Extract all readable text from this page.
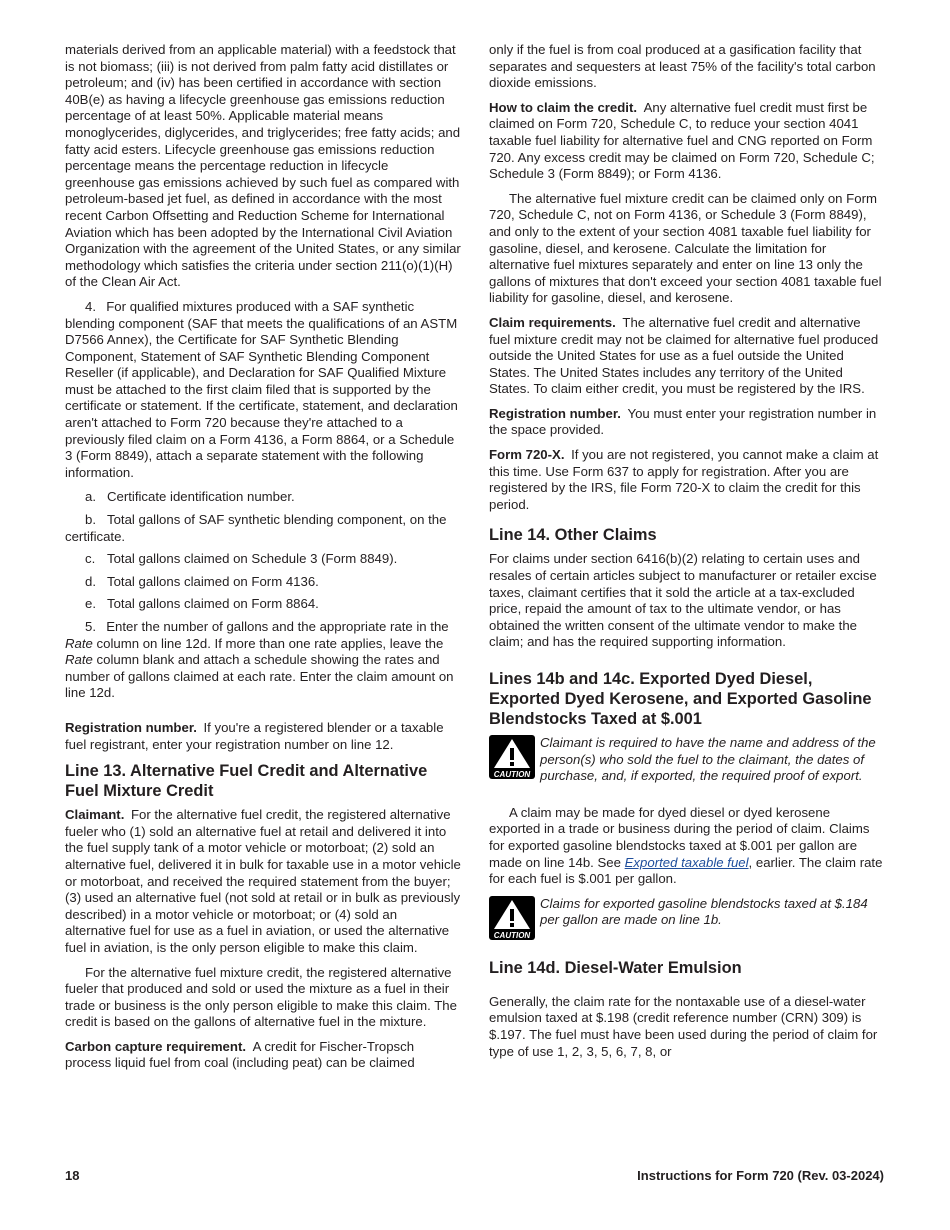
materials derived from an applicable material) with a feedstock that is not biomass; (iii) is not derived from palm fatty acid distillates or petroleum; and (iv) has been certified in accordance with section 40B(e) as having a lifecycle greenhouse gas emissions reduction percentage of at least 50%. Applicable material means monoglycerides, diglycerides, and triglycerides; free fatty acids; and fatty acid esters. Lifecycle greenhouse gas emissions reduction percentage means the percentage reduction in lifecycle greenhouse gas emissions achieved by such fuel as compared with petroleum-based jet fuel, as defined in accordance with the most recent Carbon Offsetting and Reduction Scheme for International Aviation which has been adopted by the International Civil Aviation Organization with the agreement of the United States, or any similar methodology which satisfies the criteria under section 211(o)(1)(H) of the Clean Air Act.

4.  For qualified mixtures produced with a SAF synthetic blending component (SAF that meets the qualifications of an ASTM D7566 Annex), the Certificate for SAF Synthetic Blending Component, Statement of SAF Synthetic Blending Component Reseller (if applicable), and Declaration for SAF Qualified Mixture must be attached to the first claim filed that is supported by the certificate or statement. If the certificate, statement, and declaration aren't attached to Form 720 because they're attached to a previously filed claim on a Form 4136, a Form 8864, or a Schedule 3 (Form 8849), attach a separate statement with the following information.

a. Certificate identification number.

b. Total gallons of SAF synthetic blending component, on the certificate.

c. Total gallons claimed on Schedule 3 (Form 8849).

d. Total gallons claimed on Form 4136.

e. Total gallons claimed on Form 8864.

5.  Enter the number of gallons and the appropriate rate in the Rate column on line 12d. If more than one rate applies, leave the Rate column blank and attach a schedule showing the rates and number of gallons claimed at each rate. Enter the claim amount on line 12d.

Registration number. If you're a registered blender or a taxable fuel registrant, enter your registration number on line 12.

Line 13. Alternative Fuel Credit and Alternative Fuel Mixture Credit

Claimant. For the alternative fuel credit, the registered alternative fueler who (1) sold an alternative fuel at retail and delivered it into the fuel supply tank of a motor vehicle or motorboat; (2) sold an alternative fuel, delivered it in bulk for taxable use in a motor vehicle or motorboat, and received the required statement from the buyer; (3) used an alternative fuel (not sold at retail or in bulk as previously described) in a motor vehicle or motorboat; or (4) sold an alternative fuel for use as a fuel in aviation, or used the alternative fuel in aviation, is the only person eligible to make this claim.

For the alternative fuel mixture credit, the registered alternative fueler that produced and sold or used the mixture as a fuel in their trade or business is the only person eligible to make this claim. The credit is based on the gallons of alternative fuel in the mixture.

Carbon capture requirement. A credit for Fischer-Tropsch process liquid fuel from coal (including peat) can be claimed

only if the fuel is from coal produced at a gasification facility that separates and sequesters at least 75% of the facility's total carbon dioxide emissions.

How to claim the credit. Any alternative fuel credit must first be claimed on Form 720, Schedule C, to reduce your section 4041 taxable fuel liability for alternative fuel and CNG reported on Form 720. Any excess credit may be claimed on Form 720, Schedule C; Schedule 3 (Form 8849); or Form 4136.

The alternative fuel mixture credit can be claimed only on Form 720, Schedule C, not on Form 4136, or Schedule 3 (Form 8849), and only to the extent of your section 4081 taxable fuel liability for gasoline, diesel, and kerosene. Calculate the limitation for alternative fuel mixtures separately and enter on line 13 only the gallons of mixtures that don't exceed your section 4081 taxable fuel liability for gasoline, diesel, and kerosene.

Claim requirements. The alternative fuel credit and alternative fuel mixture credit may not be claimed for alternative fuel produced outside the United States for use as a fuel outside the United States. The United States includes any territory of the United States. To claim either credit, you must be registered by the IRS.

Registration number. You must enter your registration number in the space provided.

Form 720-X. If you are not registered, you cannot make a claim at this time. Use Form 637 to apply for registration. After you are registered by the IRS, file Form 720-X to claim the credit for this period.

Line 14. Other Claims

For claims under section 6416(b)(2) relating to certain uses and resales of certain articles subject to manufacturer or retailer excise taxes, claimant certifies that it sold the article at a tax-excluded price, repaid the amount of tax to the ultimate vendor, or has obtained the written consent of the ultimate vendor to make the claim; and has the required supporting information.

Lines 14b and 14c. Exported Dyed Diesel, Exported Dyed Kerosene, and Exported Gasoline Blendstocks Taxed at $.001
CAUTION
Claimant is required to have the name and address of the person(s) who sold the fuel to the claimant, the dates of purchase, and, if exported, the required proof of export.

A claim may be made for dyed diesel or dyed kerosene exported in a trade or business during the period of claim. Claims for exported gasoline blendstocks taxed at $.001 per gallon are made on line 14b. See Exported taxable fuel, earlier. The claim rate for each fuel is $.001 per gallon.

CAUTION
Claims for exported gasoline blendstocks taxed at $.184 per gallon are made on line 1b.
Line 14d. Diesel-Water Emulsion

Generally, the claim rate for the nontaxable use of a diesel-water emulsion taxed at $.198 (credit reference number (CRN) 309) is $.197. The fuel must have been used during the period of claim for type of use 1, 2, 3, 5, 6, 7, 8, or

18	Instructions for Form 720 (Rev. 03-2024)
